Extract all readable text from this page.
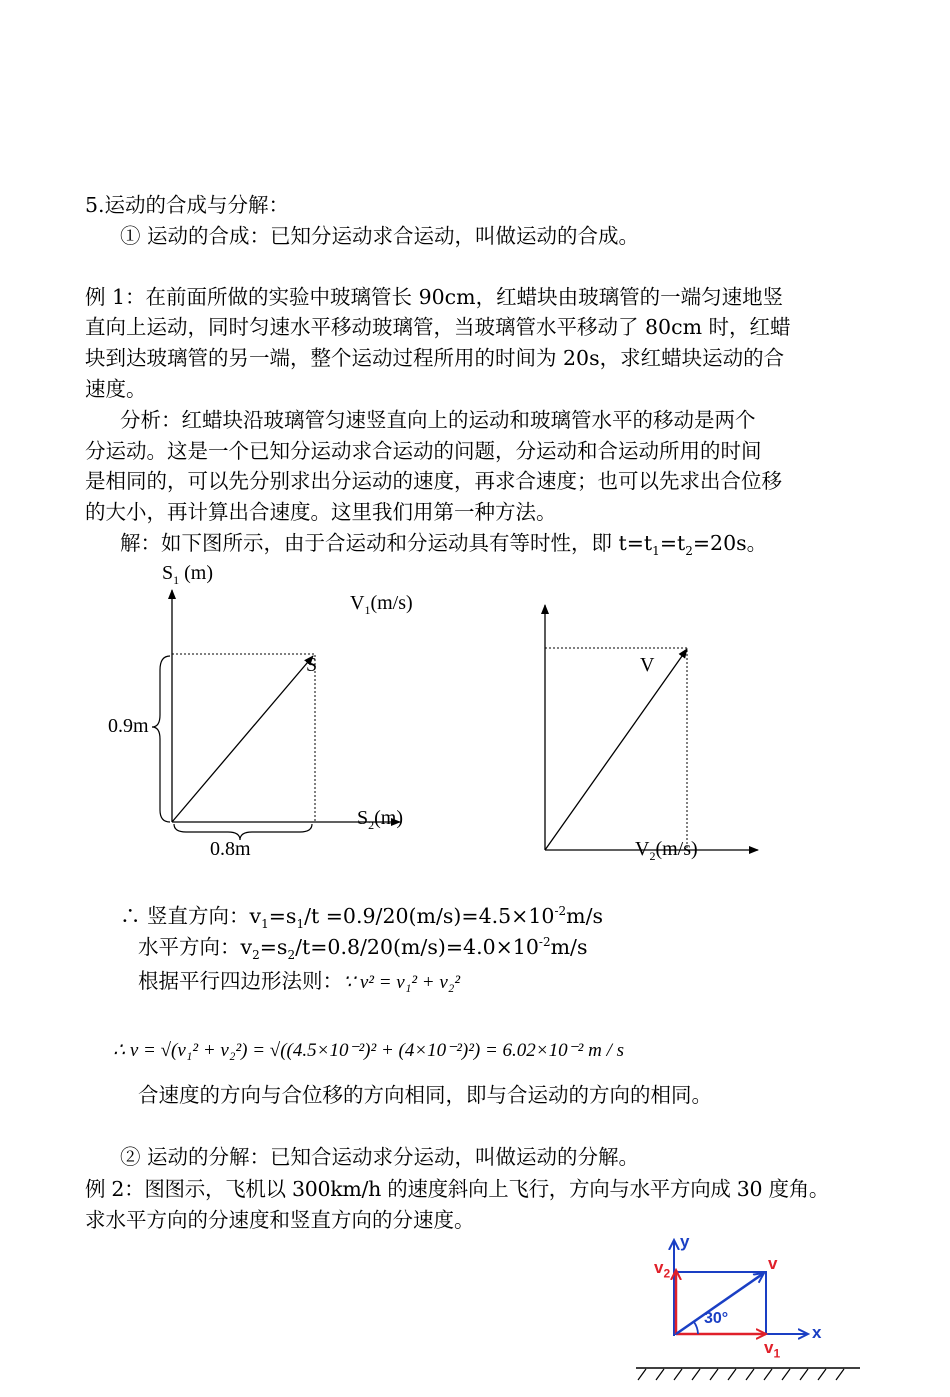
5.运动的合成与分解：
① 运动的合成：已知分运动求合运动，叫做运动的合成。
例 1：在前面所做的实验中玻璃管长 90cm，红蜡块由玻璃管的一端匀速地竖
直向上运动，同时匀速水平移动玻璃管，当玻璃管水平移动了 80cm 时，红蜡
块到达玻璃管的另一端，整个运动过程所用的时间为 20s，求红蜡块运动的合
速度。
分析：红蜡块沿玻璃管匀速竖直向上的运动和玻璃管水平的移动是两个
分运动。这是一个已知分运动求合运动的问题，分运动和合运动所用的时间
是相同的，可以先分别求出分运动的速度，再求合速度；也可以先求出合位移
的大小，再计算出合速度。这里我们用第一种方法。
解：如下图所示，由于合运动和分运动具有等时性，即 $t=t_1=t_2=20s$。
$S_1$ (m)
S
0.9m
$S_2(m)$
0.8m
$V_1(m/s)$
V
$V_2(m/s)$
∴ 竖直方向：$v_1=s_1/t =0.9/20(m/s)=4.5\times 10^{-2}m/s$
水平方向：$v_2=s_2/t=0.8/20(m/s)=4.0\times 10^{-2}m/s$
根据平行四边形法则：∵ v² = v₁² + v₂²
∴ v = √(v₁² + v₂²) = √((4.5×10⁻²)² + (4×10⁻²)²) = 6.02×10⁻² m / s
合速度的方向与合位移的方向相同，即与合运动的方向的相同。
② 运动的分解：已知合运动求分运动，叫做运动的分解。
例 2：图图示，飞机以 300km/h 的速度斜向上飞行，方向与水平方向成 30 度角。
求水平方向的分速度和竖直方向的分速度。
y
x
v
$v_2$
$v_1$
30°
